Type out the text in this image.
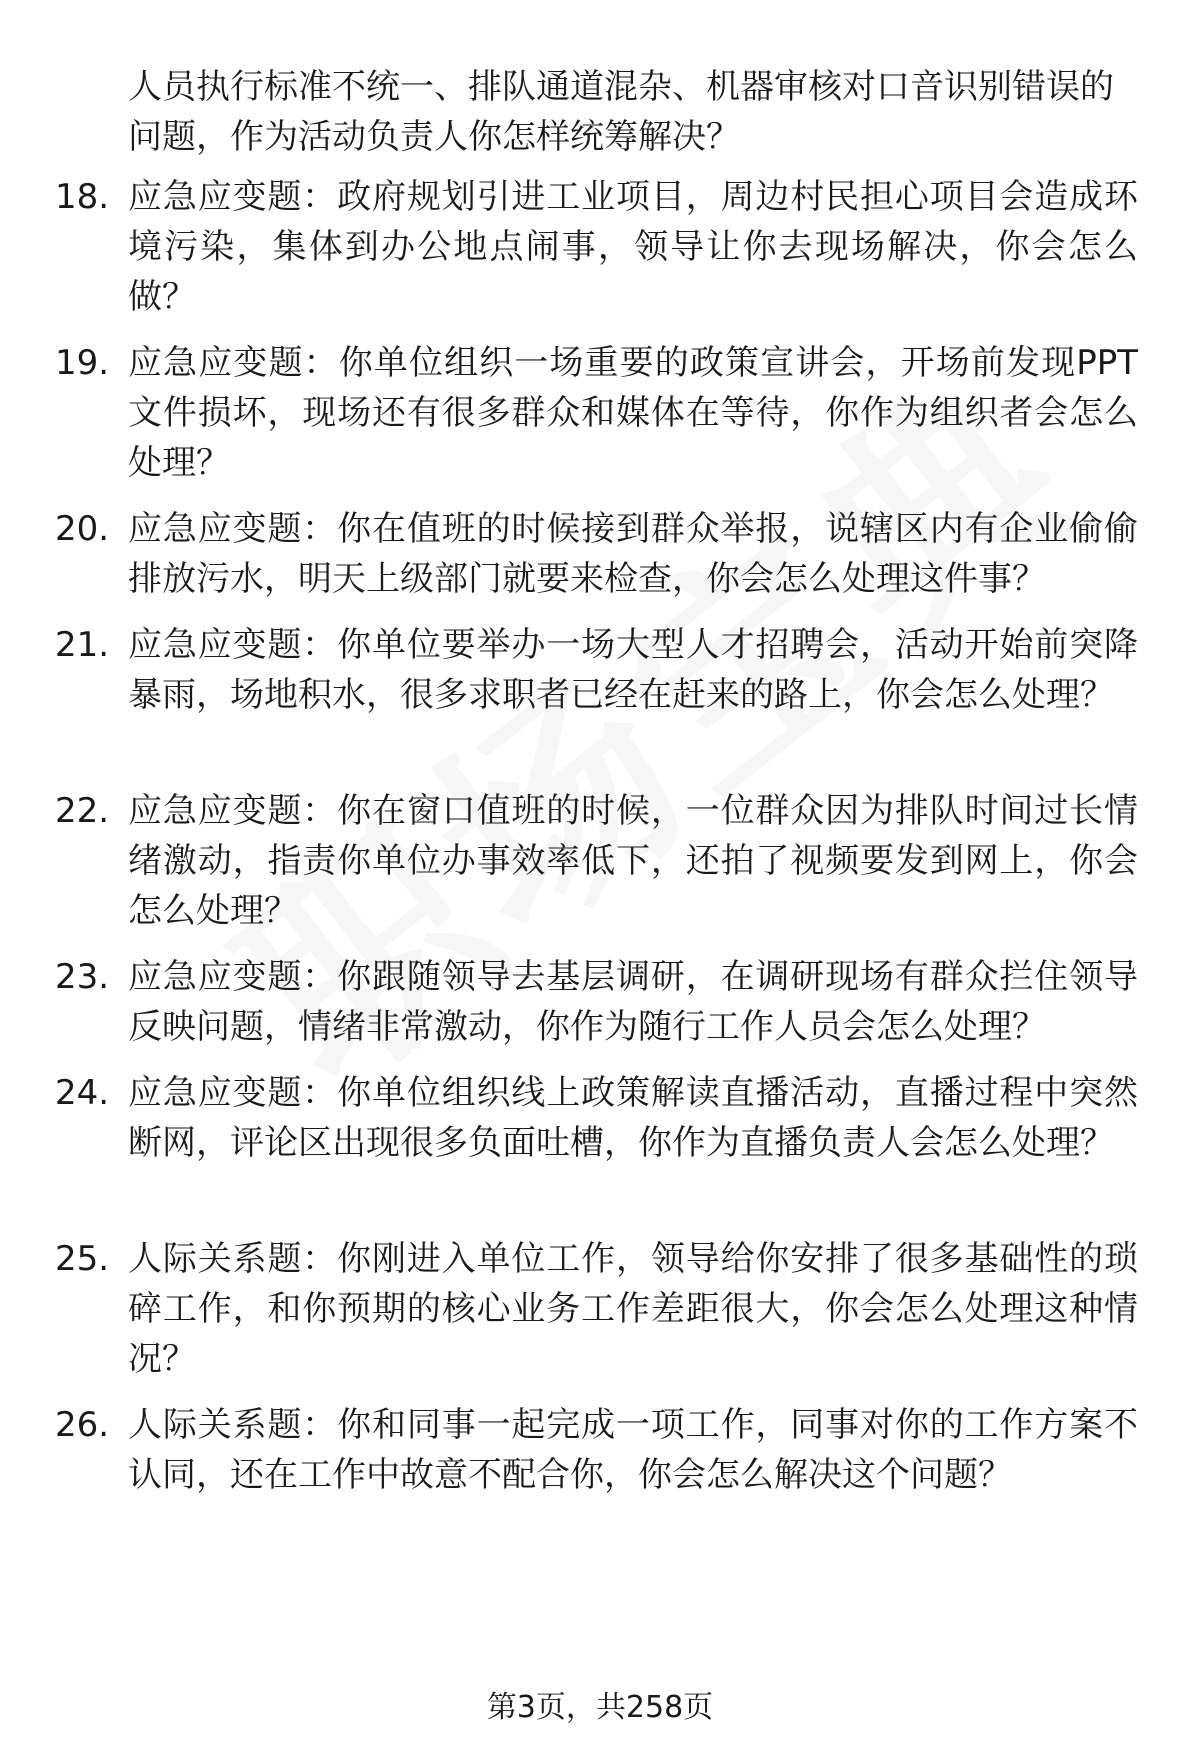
人员执行标准不统一、排队通道混杂、机器审核对口音识别错误的问题，作为活动负责人你怎样统筹解决？
18. 应急应变题：政府规划引进工业项目，周边村民担心项目会造成环境污染，集体到办公地点闹事，领导让你去现场解决，你会怎么做？
19. 应急应变题：你单位组织一场重要的政策宣讲会，开场前发现PPT文件损坏，现场还有很多群众和媒体在等待，你作为组织者会怎么处理？
20. 应急应变题：你在值班的时候接到群众举报，说辖区内有企业偷偷排放污水，明天上级部门就要来检查，你会怎么处理这件事？
21. 应急应变题：你单位要举办一场大型人才招聘会，活动开始前突降暴雨，场地积水，很多求职者已经在赶来的路上，你会怎么处理？
22. 应急应变题：你在窗口值班的时候，一位群众因为排队时间过长情绪激动，指责你单位办事效率低下，还拍了视频要发到网上，你会怎么处理？
23. 应急应变题：你跟随领导去基层调研，在调研现场有群众拦住领导反映问题，情绪非常激动，你作为随行工作人员会怎么处理？
24. 应急应变题：你单位组织线上政策解读直播活动，直播过程中突然断网，评论区出现很多负面吐槽，你作为直播负责人会怎么处理？
25. 人际关系题：你刚进入单位工作，领导给你安排了很多基础性的琐碎工作，和你预期的核心业务工作差距很大，你会怎么处理这种情况？
26. 人际关系题：你和同事一起完成一项工作，同事对你的工作方案不认同，还在工作中故意不配合你，你会怎么解决这个问题？
第3页，共258页
